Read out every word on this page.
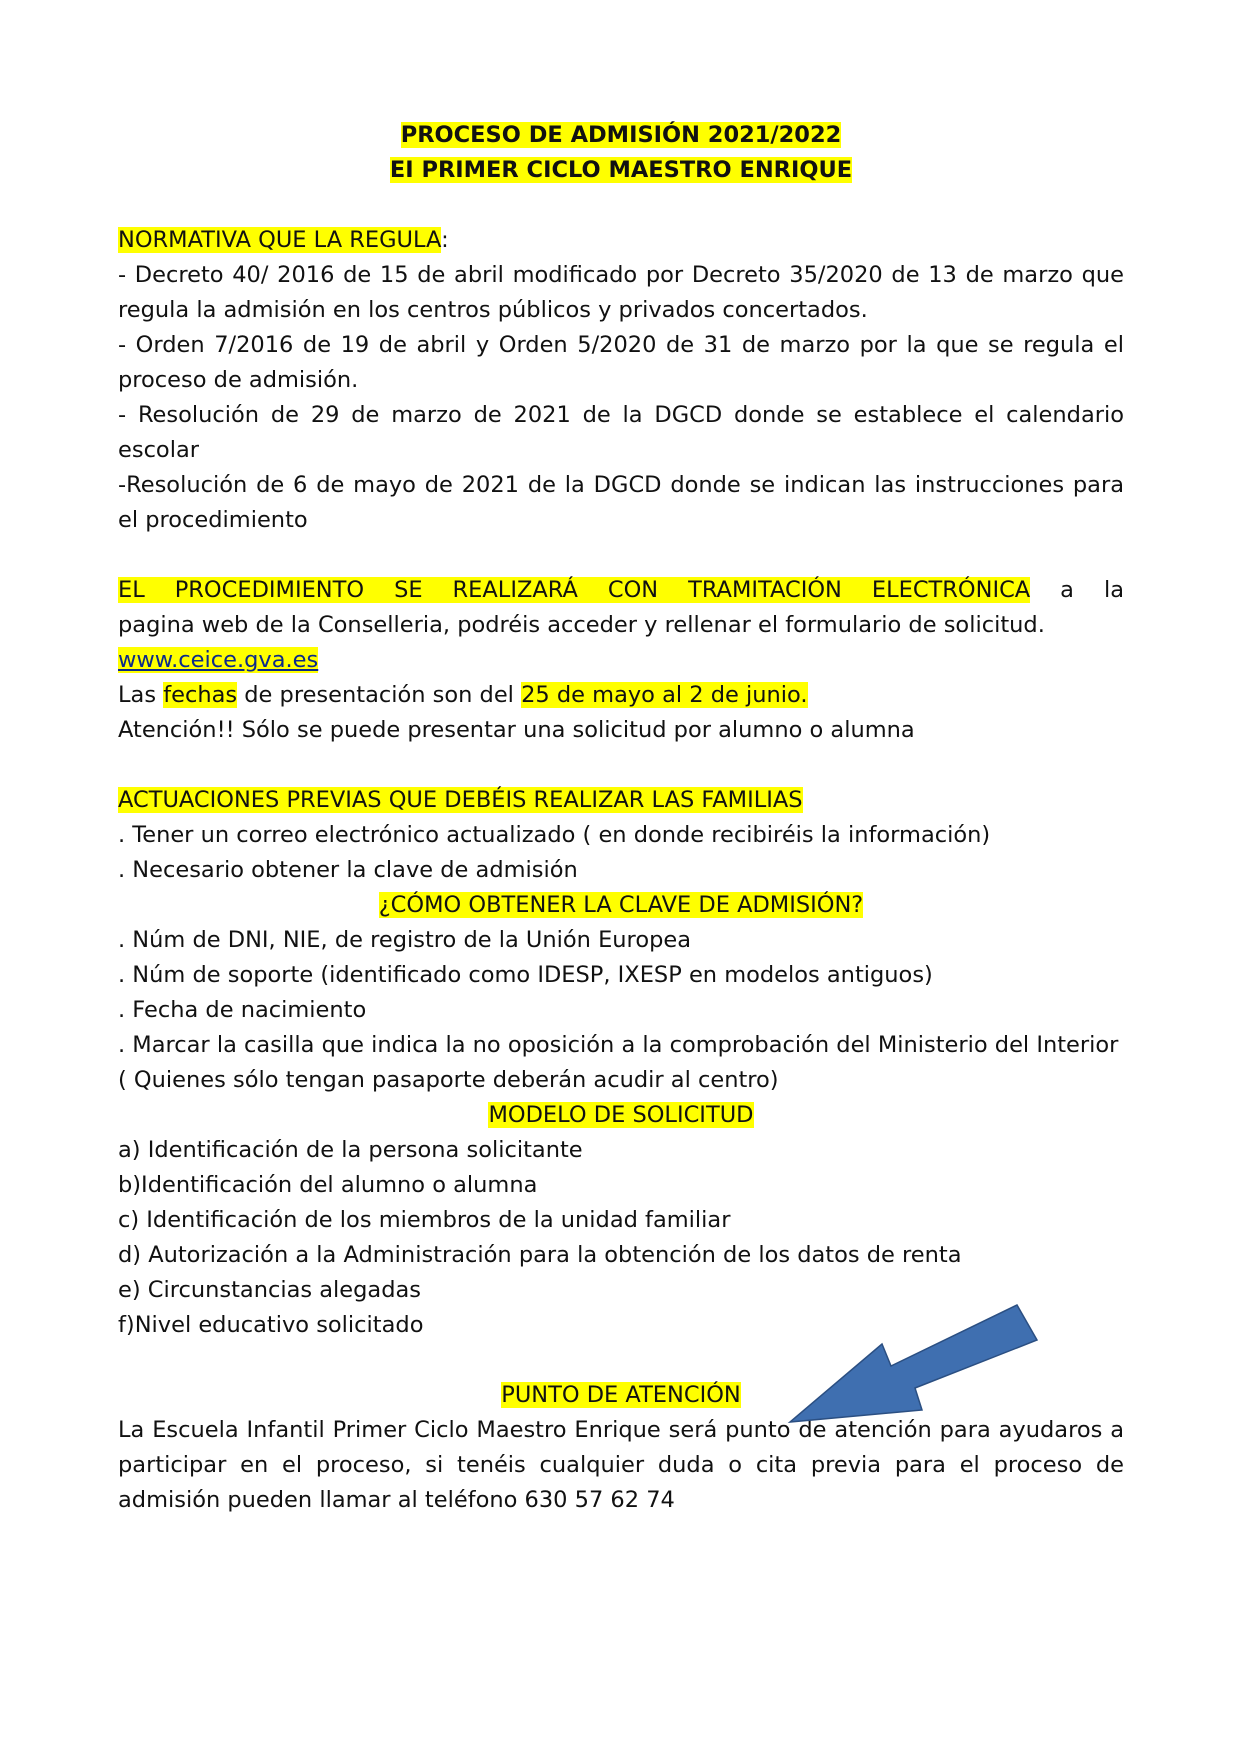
PROCESO DE ADMISIÓN 2021/2022

EI PRIMER CICLO MAESTRO ENRIQUE

NORMATIVA QUE LA REGULA:

- Decreto 40/ 2016 de 15 de abril modificado por Decreto 35/2020 de 13 de marzo que regula la admisión en los centros públicos y privados concertados.

- Orden 7/2016 de 19 de abril y Orden 5/2020 de 31 de marzo por la que se regula el proceso de admisión.

- Resolución de 29 de marzo de 2021 de la DGCD donde se establece el calendario escolar

-Resolución de 6 de mayo de 2021 de la DGCD donde se indican las instrucciones para el procedimiento

EL PROCEDIMIENTO SE REALIZARÁ CON TRAMITACIÓN ELECTRÓNICA a la

pagina web de la Conselleria, podréis acceder y rellenar el formulario de solicitud.

www.ceice.gva.es

Las fechas de presentación son del 25 de mayo al 2 de junio.

Atención!! Sólo se puede presentar una solicitud por alumno o alumna

ACTUACIONES PREVIAS QUE DEBÉIS REALIZAR LAS FAMILIAS

. Tener un correo electrónico actualizado ( en donde recibiréis la información)

. Necesario obtener la clave de admisión

¿CÓMO OBTENER LA CLAVE DE ADMISIÓN?

. Núm de DNI, NIE, de registro de la Unión Europea

. Núm de soporte (identificado como IDESP, IXESP en modelos antiguos)

. Fecha de nacimiento

. Marcar la casilla que indica la no oposición a la comprobación del Ministerio del Interior

( Quienes sólo tengan pasaporte deberán acudir al centro)

MODELO DE SOLICITUD

a) Identificación de la persona solicitante

b)Identificación del alumno o alumna

c) Identificación de los miembros de la unidad familiar

d) Autorización a la Administración para la obtención de los datos de renta

e) Circunstancias alegadas

f)Nivel educativo solicitado

PUNTO DE ATENCIÓN

La Escuela Infantil Primer Ciclo Maestro Enrique será punto de atención para ayudaros a participar en el proceso, si tenéis cualquier duda o cita previa para el proceso de admisión pueden llamar al teléfono 630 57 62 74
